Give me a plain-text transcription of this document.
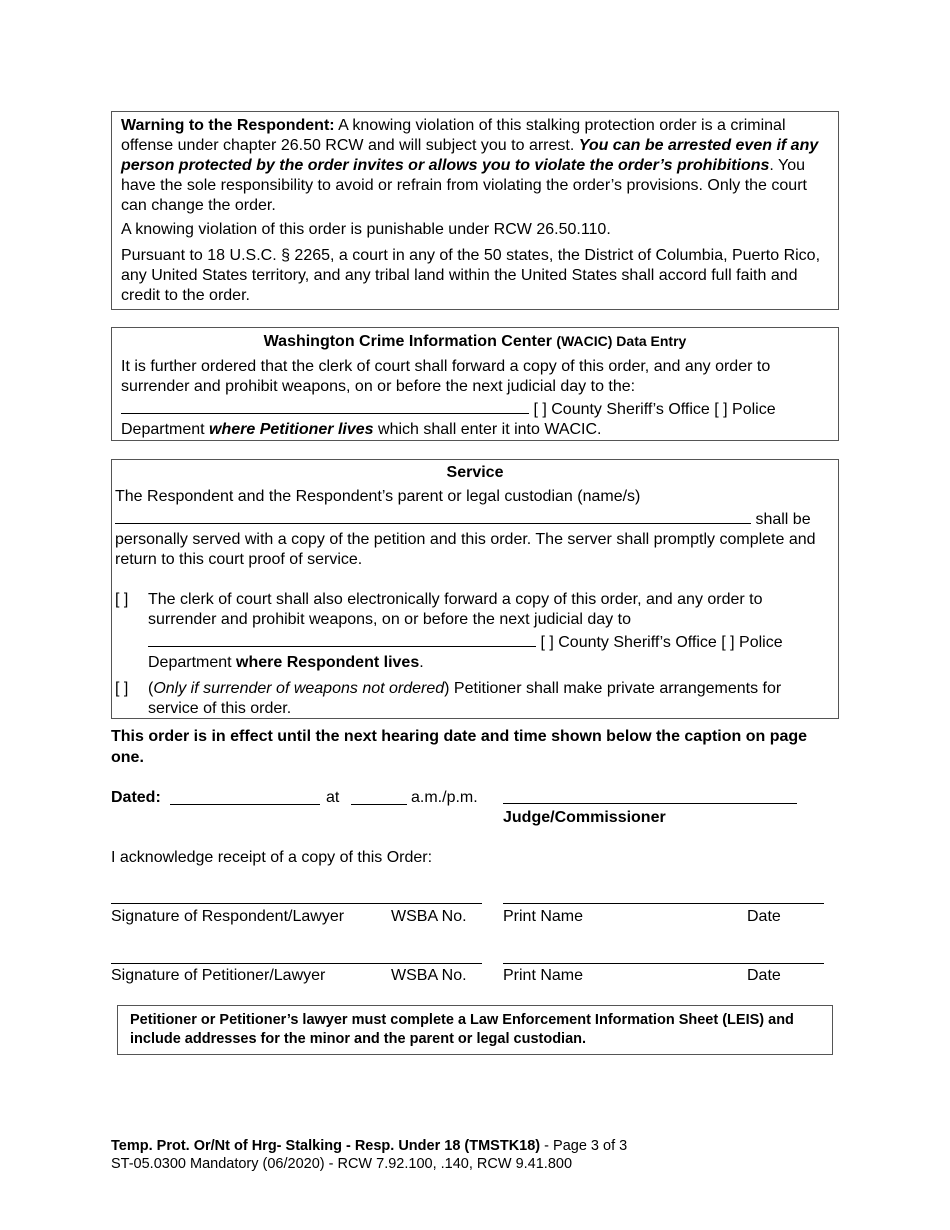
Warning to the Respondent: A knowing violation of this stalking protection order is a criminal offense under chapter 26.50 RCW and will subject you to arrest. You can be arrested even if any person protected by the order invites or allows you to violate the order’s prohibitions. You have the sole responsibility to avoid or refrain from violating the order’s provisions. Only the court can change the order.

A knowing violation of this order is punishable under RCW 26.50.110.

Pursuant to 18 U.S.C. § 2265, a court in any of the 50 states, the District of Columbia, Puerto Rico, any United States territory, and any tribal land within the United States shall accord full faith and credit to the order.

Washington Crime Information Center (WACIC) Data Entry

It is further ordered that the clerk of court shall forward a copy of this order, and any order to surrender and prohibit weapons, on or before the next judicial day to the:

[ ] County Sheriff’s Office [ ] Police

Department where Petitioner lives which shall enter it into WACIC.

Service

The Respondent and the Respondent’s parent or legal custodian (name/s)

shall be

personally served with a copy of the petition and this order. The server shall promptly complete and return to this court proof of service.

[ ] The clerk of court shall also electronically forward a copy of this order, and any order to surrender and prohibit weapons, on or before the next judicial day to

[ ] County Sheriff’s Office [ ] Police

Department where Respondent lives.

[ ] (Only if surrender of weapons not ordered) Petitioner shall make private arrangements for service of this order.

This order is in effect until the next hearing date and time shown below the caption on page one.

Dated:	at	a.m./p.m.
Judge/Commissioner

I acknowledge receipt of a copy of this Order:

Signature of Respondent/Lawyer	WSBA No. Print Name	Date
Signature of Petitioner/Lawyer	WSBA No. Print Name	Date

Petitioner or Petitioner’s lawyer must complete a Law Enforcement Information Sheet (LEIS) and include addresses for the minor and the parent or legal custodian.

Temp. Prot. Or/Nt of Hrg- Stalking - Resp. Under 18 (TMSTK18) - Page 3 of 3

ST-05.0300 Mandatory (06/2020) - RCW 7.92.100, .140, RCW 9.41.800
